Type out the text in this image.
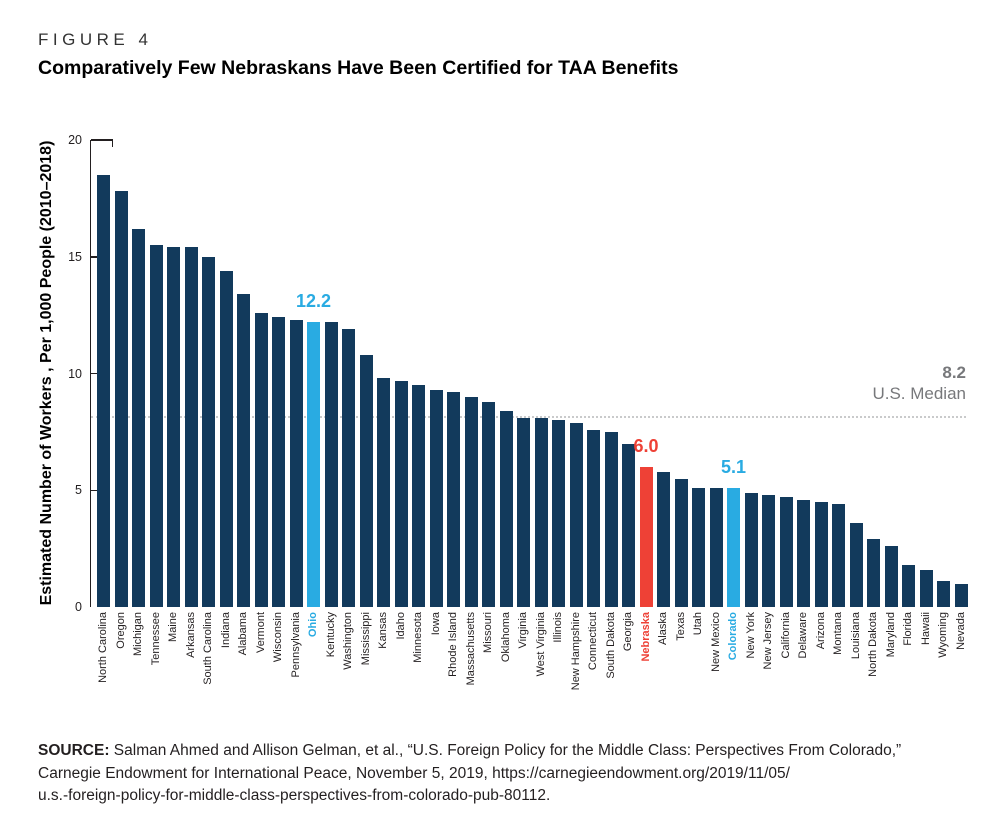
FIGURE 4
Comparatively Few Nebraskans Have Been Certified for TAA Benefits
Estimated Number of Workers , Per 1,000 People (2010–2018)	8.2
U.S. Median
12.2
6.0
5.1
0
5
10
15
20
SOURCE: Salman Ahmed and Allison Gelman, et al., “U.S. Foreign Policy for the Middle Class: Perspectives From Colorado,”
Carnegie Endowment for International Peace, November 5, 2019, https://carnegieendowment.org/2019/11/05/
u.s.-foreign-policy-for-middle-class-perspectives-from-colorado-pub-80112.
North Carolina Oregon Michigan Tennessee Maine Arkansas South Carolina Indiana Alabama Vermont Wisconsin Pennsylvania Ohio Kentucky Washington Mississippi Kansas Idaho Minnesota Iowa Rhode Island Massachusetts Missouri Oklahoma Virginia West Virginia Illinois New Hampshire Connecticut South Dakota Georgia Nebraska Alaska Texas Utah New Mexico Colorado New York New Jersey California Delaware Arizona Montana Louisiana North Dakota Maryland Florida Hawaii Wyoming Nevada
